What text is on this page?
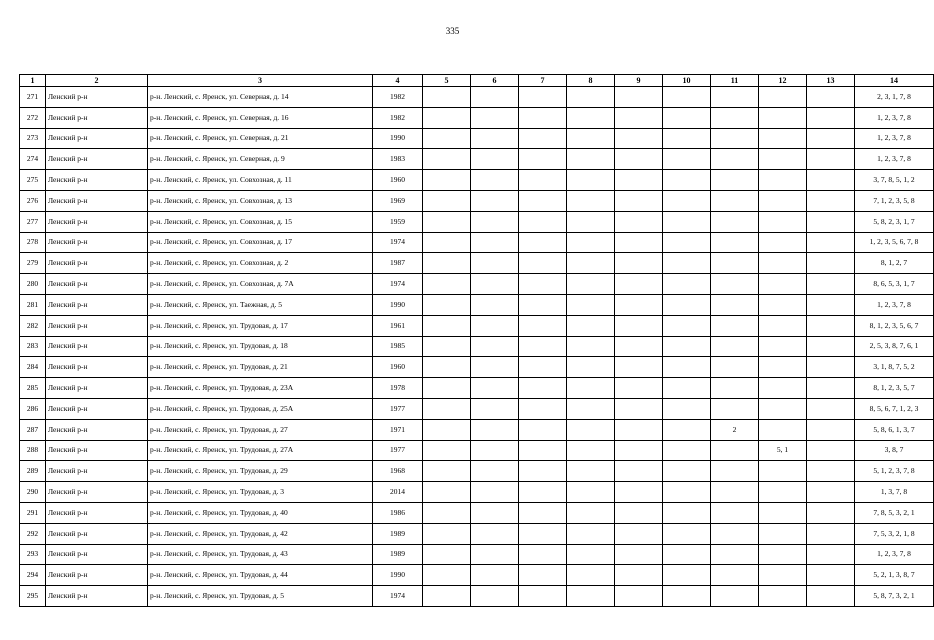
335
1	2	3	4	5	6	7	8	9	10	11	12	13	14
271	Ленский р-н	р-н. Ленский, с. Яренск, ул. Северная, д. 14	1982										2, 3, 1, 7, 8
272	Ленский р-н	р-н. Ленский, с. Яренск, ул. Северная, д. 16	1982										1, 2, 3, 7, 8
273	Ленский р-н	р-н. Ленский, с. Яренск, ул. Северная, д. 21	1990										1, 2, 3, 7, 8
274	Ленский р-н	р-н. Ленский, с. Яренск, ул. Северная, д. 9	1983										1, 2, 3, 7, 8
275	Ленский р-н	р-н. Ленский, с. Яренск, ул. Совхозная, д. 11	1960										3, 7, 8, 5, 1, 2
276	Ленский р-н	р-н. Ленский, с. Яренск, ул. Совхозная, д. 13	1969										7, 1, 2, 3, 5, 8
277	Ленский р-н	р-н. Ленский, с. Яренск, ул. Совхозная, д. 15	1959										5, 8, 2, 3, 1, 7
278	Ленский р-н	р-н. Ленский, с. Яренск, ул. Совхозная, д. 17	1974										1, 2, 3, 5, 6, 7, 8
279	Ленский р-н	р-н. Ленский, с. Яренск, ул. Совхозная, д. 2	1987										8, 1, 2, 7
280	Ленский р-н	р-н. Ленский, с. Яренск, ул. Совхозная, д. 7А	1974										8, 6, 5, 3, 1, 7
281	Ленский р-н	р-н. Ленский, с. Яренск, ул. Таежная, д. 5	1990										1, 2, 3, 7, 8
282	Ленский р-н	р-н. Ленский, с. Яренск, ул. Трудовая, д. 17	1961										8, 1, 2, 3, 5, 6, 7
283	Ленский р-н	р-н. Ленский, с. Яренск, ул. Трудовая, д. 18	1985										2, 5, 3, 8, 7, 6, 1
284	Ленский р-н	р-н. Ленский, с. Яренск, ул. Трудовая, д. 21	1960										3, 1, 8, 7, 5, 2
285	Ленский р-н	р-н. Ленский, с. Яренск, ул. Трудовая, д. 23А	1978										8, 1, 2, 3, 5, 7
286	Ленский р-н	р-н. Ленский, с. Яренск, ул. Трудовая, д. 25А	1977										8, 5, 6, 7, 1, 2, 3
287	Ленский р-н	р-н. Ленский, с. Яренск, ул. Трудовая, д. 27	1971							2			5, 8, 6, 1, 3, 7
288	Ленский р-н	р-н. Ленский, с. Яренск, ул. Трудовая, д. 27А	1977								5, 1		3, 8, 7
289	Ленский р-н	р-н. Ленский, с. Яренск, ул. Трудовая, д. 29	1968										5, 1, 2, 3, 7, 8
290	Ленский р-н	р-н. Ленский, с. Яренск, ул. Трудовая, д. 3	2014										1, 3, 7, 8
291	Ленский р-н	р-н. Ленский, с. Яренск, ул. Трудовая, д. 40	1986										7, 8, 5, 3, 2, 1
292	Ленский р-н	р-н. Ленский, с. Яренск, ул. Трудовая, д. 42	1989										7, 5, 3, 2, 1, 8
293	Ленский р-н	р-н. Ленский, с. Яренск, ул. Трудовая, д. 43	1989										1, 2, 3, 7, 8
294	Ленский р-н	р-н. Ленский, с. Яренск, ул. Трудовая, д. 44	1990										5, 2, 1, 3, 8, 7
295	Ленский р-н	р-н. Ленский, с. Яренск, ул. Трудовая, д. 5	1974										5, 8, 7, 3, 2, 1
